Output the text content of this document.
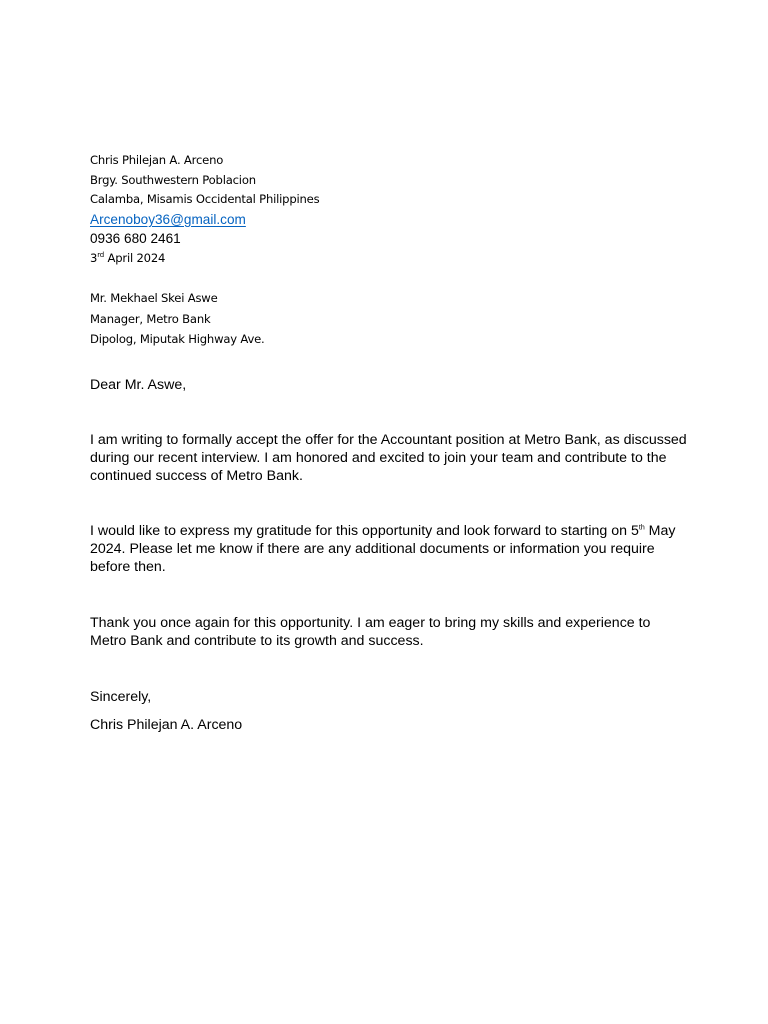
Chris Philejan A. Arceno
Brgy. Southwestern Poblacion
Calamba, Misamis Occidental Philippines
Arcenoboy36@gmail.com
0936 680 2461
3rd April 2024
Mr. Mekhael Skei Aswe
Manager, Metro Bank
Dipolog, Miputak Highway Ave.
Dear Mr. Aswe,
I am writing to formally accept the offer for the Accountant position at Metro Bank, as discussed during our recent interview. I am honored and excited to join your team and contribute to the continued success of Metro Bank.
I would like to express my gratitude for this opportunity and look forward to starting on 5th May 2024. Please let me know if there are any additional documents or information you require before then.
Thank you once again for this opportunity. I am eager to bring my skills and experience to Metro Bank and contribute to its growth and success.
Sincerely,
Chris Philejan A. Arceno
